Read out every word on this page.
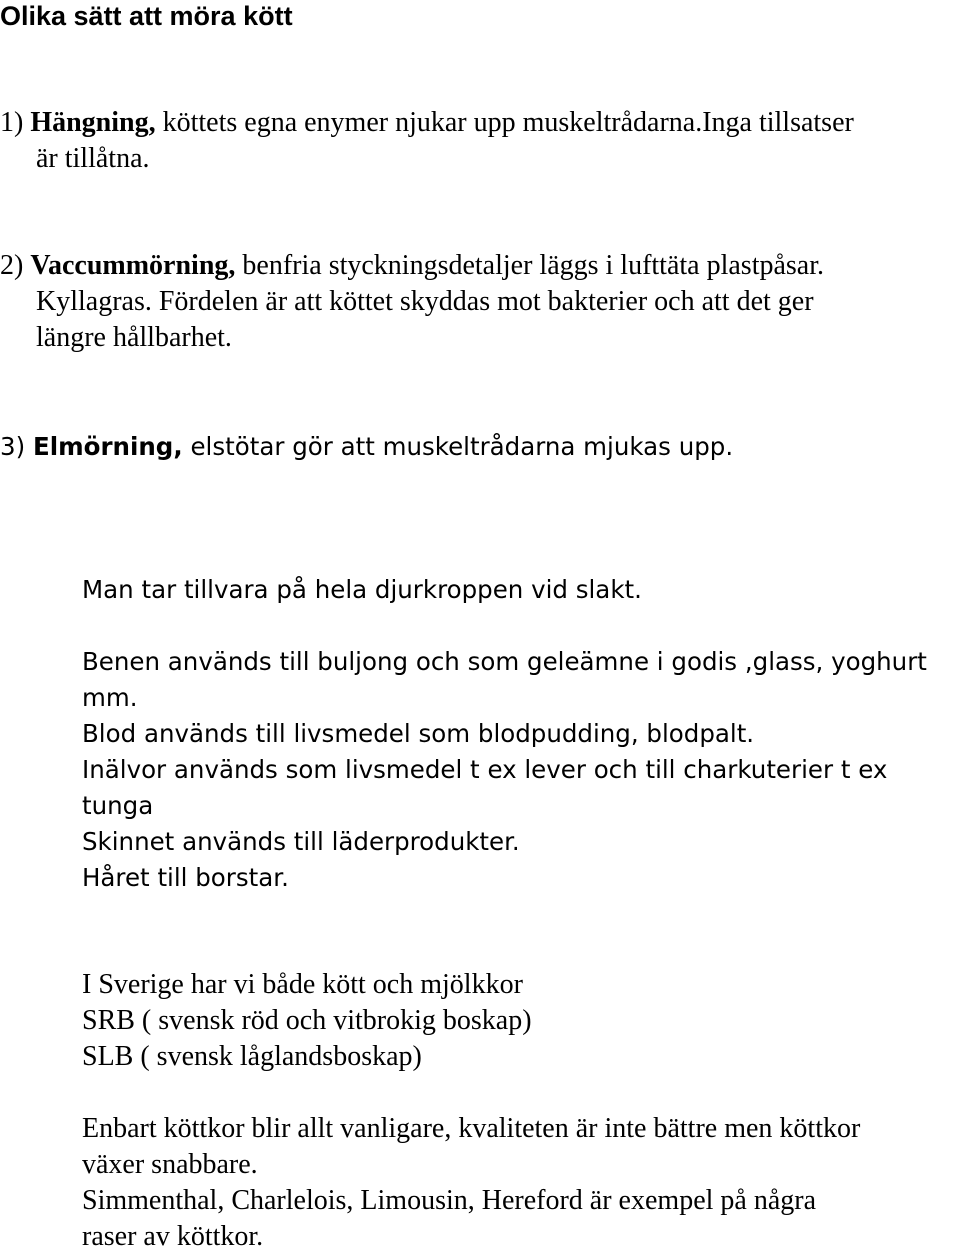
Olika sätt att möra kött
1) Hängning, köttets egna enymer njukar upp muskeltrådarna.Inga tillsatser
är tillåtna.
2) Vaccummörning, benfria styckningsdetaljer läggs i lufttäta plastpåsar.
Kyllagras. Fördelen är att köttet skyddas mot bakterier och att det ger
längre hållbarhet.
3) Elmörning, elstötar gör att muskeltrådarna mjukas upp.
Man tar tillvara på hela djurkroppen vid slakt.
Benen används till buljong och som geleämne i godis ,glass, yoghurt
mm.
Blod används till livsmedel som blodpudding, blodpalt.
Inälvor används som livsmedel t ex lever och till charkuterier t ex
tunga
Skinnet används till läderprodukter.
Håret till borstar.
I Sverige har vi både kött och mjölkkor
SRB ( svensk röd och vitbrokig boskap)
SLB ( svensk låglandsboskap)
Enbart köttkor blir allt vanligare, kvaliteten är inte bättre men köttkor
växer snabbare.
Simmenthal, Charlelois, Limousin, Hereford är exempel på några
raser av köttkor.
